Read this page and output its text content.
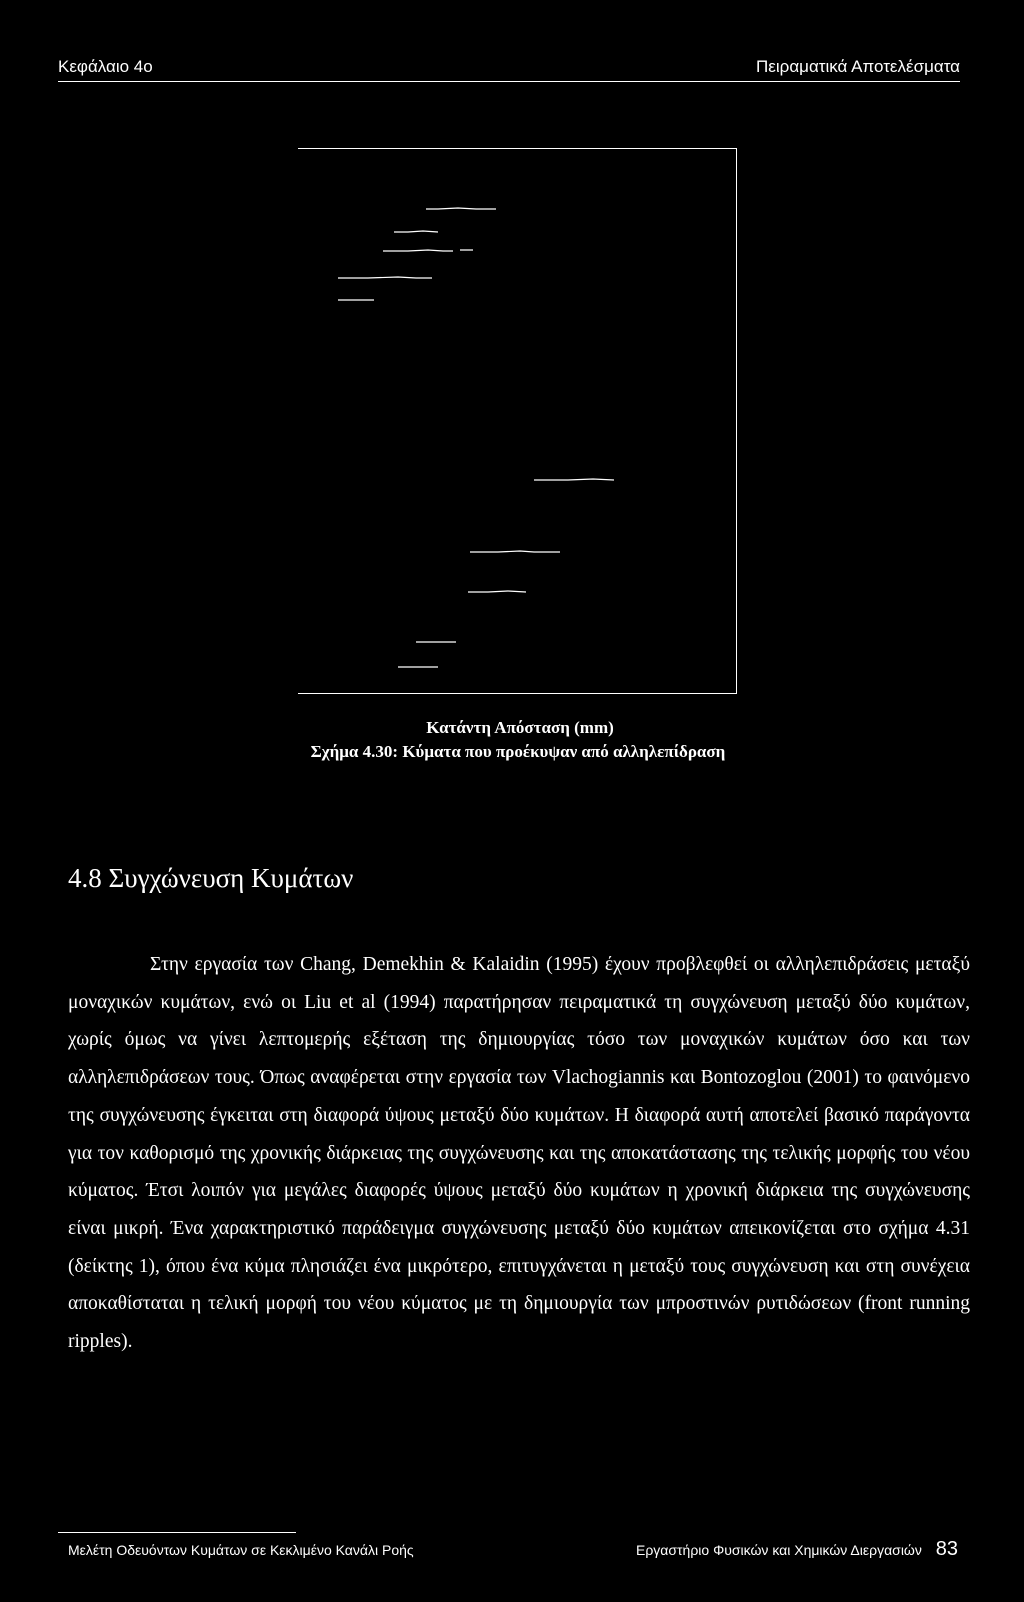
Κεφάλαιο 4ο	Πειραματικά Αποτελέσματα
Κατάντη Απόσταση (mm)
Σχήμα 4.30: Κύματα που προέκυψαν από αλληλεπίδραση
4.8 Συγχώνευση Κυμάτων
Στην εργασία των Chang, Demekhin & Kalaidin (1995) έχουν προβλεφθεί οι αλληλεπιδράσεις μεταξύ μοναχικών κυμάτων, ενώ οι Liu et al (1994) παρατήρησαν πειραματικά τη συγχώνευση μεταξύ δύο κυμάτων, χωρίς όμως να γίνει λεπτομερής εξέταση της δημιουργίας τόσο των μοναχικών κυμάτων όσο και των αλληλεπιδράσεων τους. Όπως αναφέρεται στην εργασία των Vlachogiannis και Bontozoglou (2001) το φαινόμενο της συγχώνευσης έγκειται στη διαφορά ύψους μεταξύ δύο κυμάτων. Η διαφορά αυτή αποτελεί βασικό παράγοντα για τον καθορισμό της χρονικής διάρκειας της συγχώνευσης και της αποκατάστασης της τελικής μορφής του νέου κύματος. Έτσι λοιπόν για μεγάλες διαφορές ύψους μεταξύ δύο κυμάτων η χρονική διάρκεια της συγχώνευσης είναι μικρή. Ένα χαρακτηριστικό παράδειγμα συγχώνευσης μεταξύ δύο κυμάτων απεικονίζεται στο σχήμα 4.31 (δείκτης 1), όπου ένα κύμα πλησιάζει ένα μικρότερο, επιτυγχάνεται η μεταξύ τους συγχώνευση και στη συνέχεια αποκαθίσταται η τελική μορφή του νέου κύματος με τη δημιουργία των μπροστινών ρυτιδώσεων (front running ripples).
Μελέτη Οδευόντων Κυμάτων σε Κεκλιμένο Κανάλι Ροής	Εργαστήριο Φυσικών και Χημικών Διεργασιών 83
